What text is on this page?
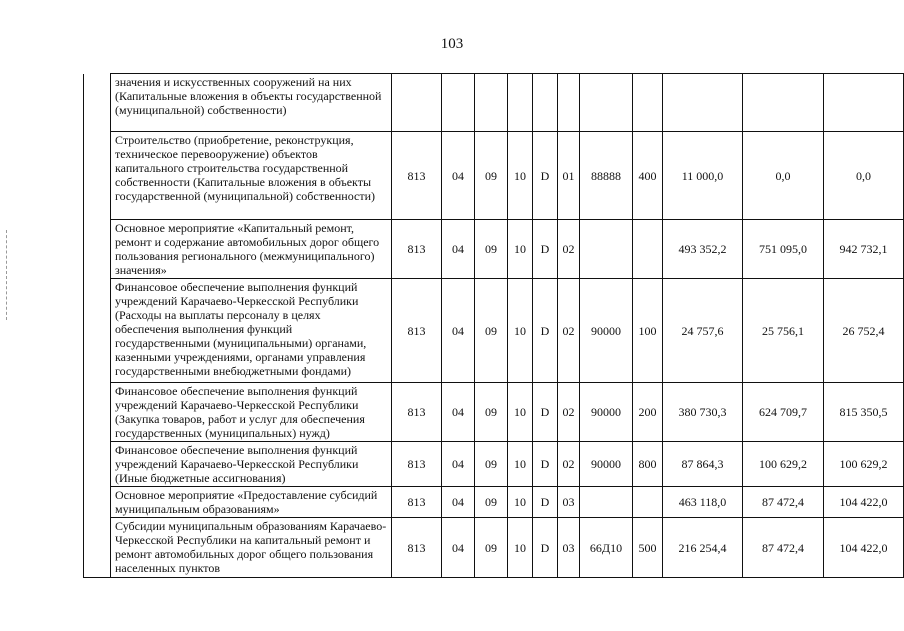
103
	значения и искусственных сооружений на них (Капитальные вложения в объекты государственной (муниципальной) собственности)											
	Строительство (приобретение, реконструкция, техническое перевооружение) объектов капитального строительства государственной собственности (Капитальные вложения в объекты государственной (муниципальной) собственности)	813	04	09	10	D	01	88888	400	11 000,0	0,0	0,0
	Основное мероприятие «Капитальный ремонт, ремонт и содержание автомобильных дорог общего пользования регионального (межмуниципального) значения»	813	04	09	10	D	02			493 352,2	751 095,0	942 732,1
	Финансовое обеспечение выполнения функций учреждений Карачаево-Черкесской Республики (Расходы на выплаты персоналу в целях обеспечения выполнения функций государственными (муниципальными) органами, казенными учреждениями, органами управления государственными внебюджетными фондами)	813	04	09	10	D	02	90000	100	24 757,6	25 756,1	26 752,4
	Финансовое обеспечение выполнения функций учреждений Карачаево-Черкесской Республики (Закупка товаров, работ и услуг для обеспечения государственных (муниципальных) нужд)	813	04	09	10	D	02	90000	200	380 730,3	624 709,7	815 350,5
	Финансовое обеспечение выполнения функций учреждений Карачаево-Черкесской Республики (Иные бюджетные ассигнования)	813	04	09	10	D	02	90000	800	87 864,3	100 629,2	100 629,2
	Основное мероприятие «Предоставление субсидий муниципальным образованиям»	813	04	09	10	D	03			463 118,0	87 472,4	104 422,0
	Субсидии муниципальным образованиям Карачаево-Черкесской Республики на капитальный ремонт и ремонт автомобильных дорог общего пользования населенных пунктов	813	04	09	10	D	03	66Д10	500	216 254,4	87 472,4	104 422,0
